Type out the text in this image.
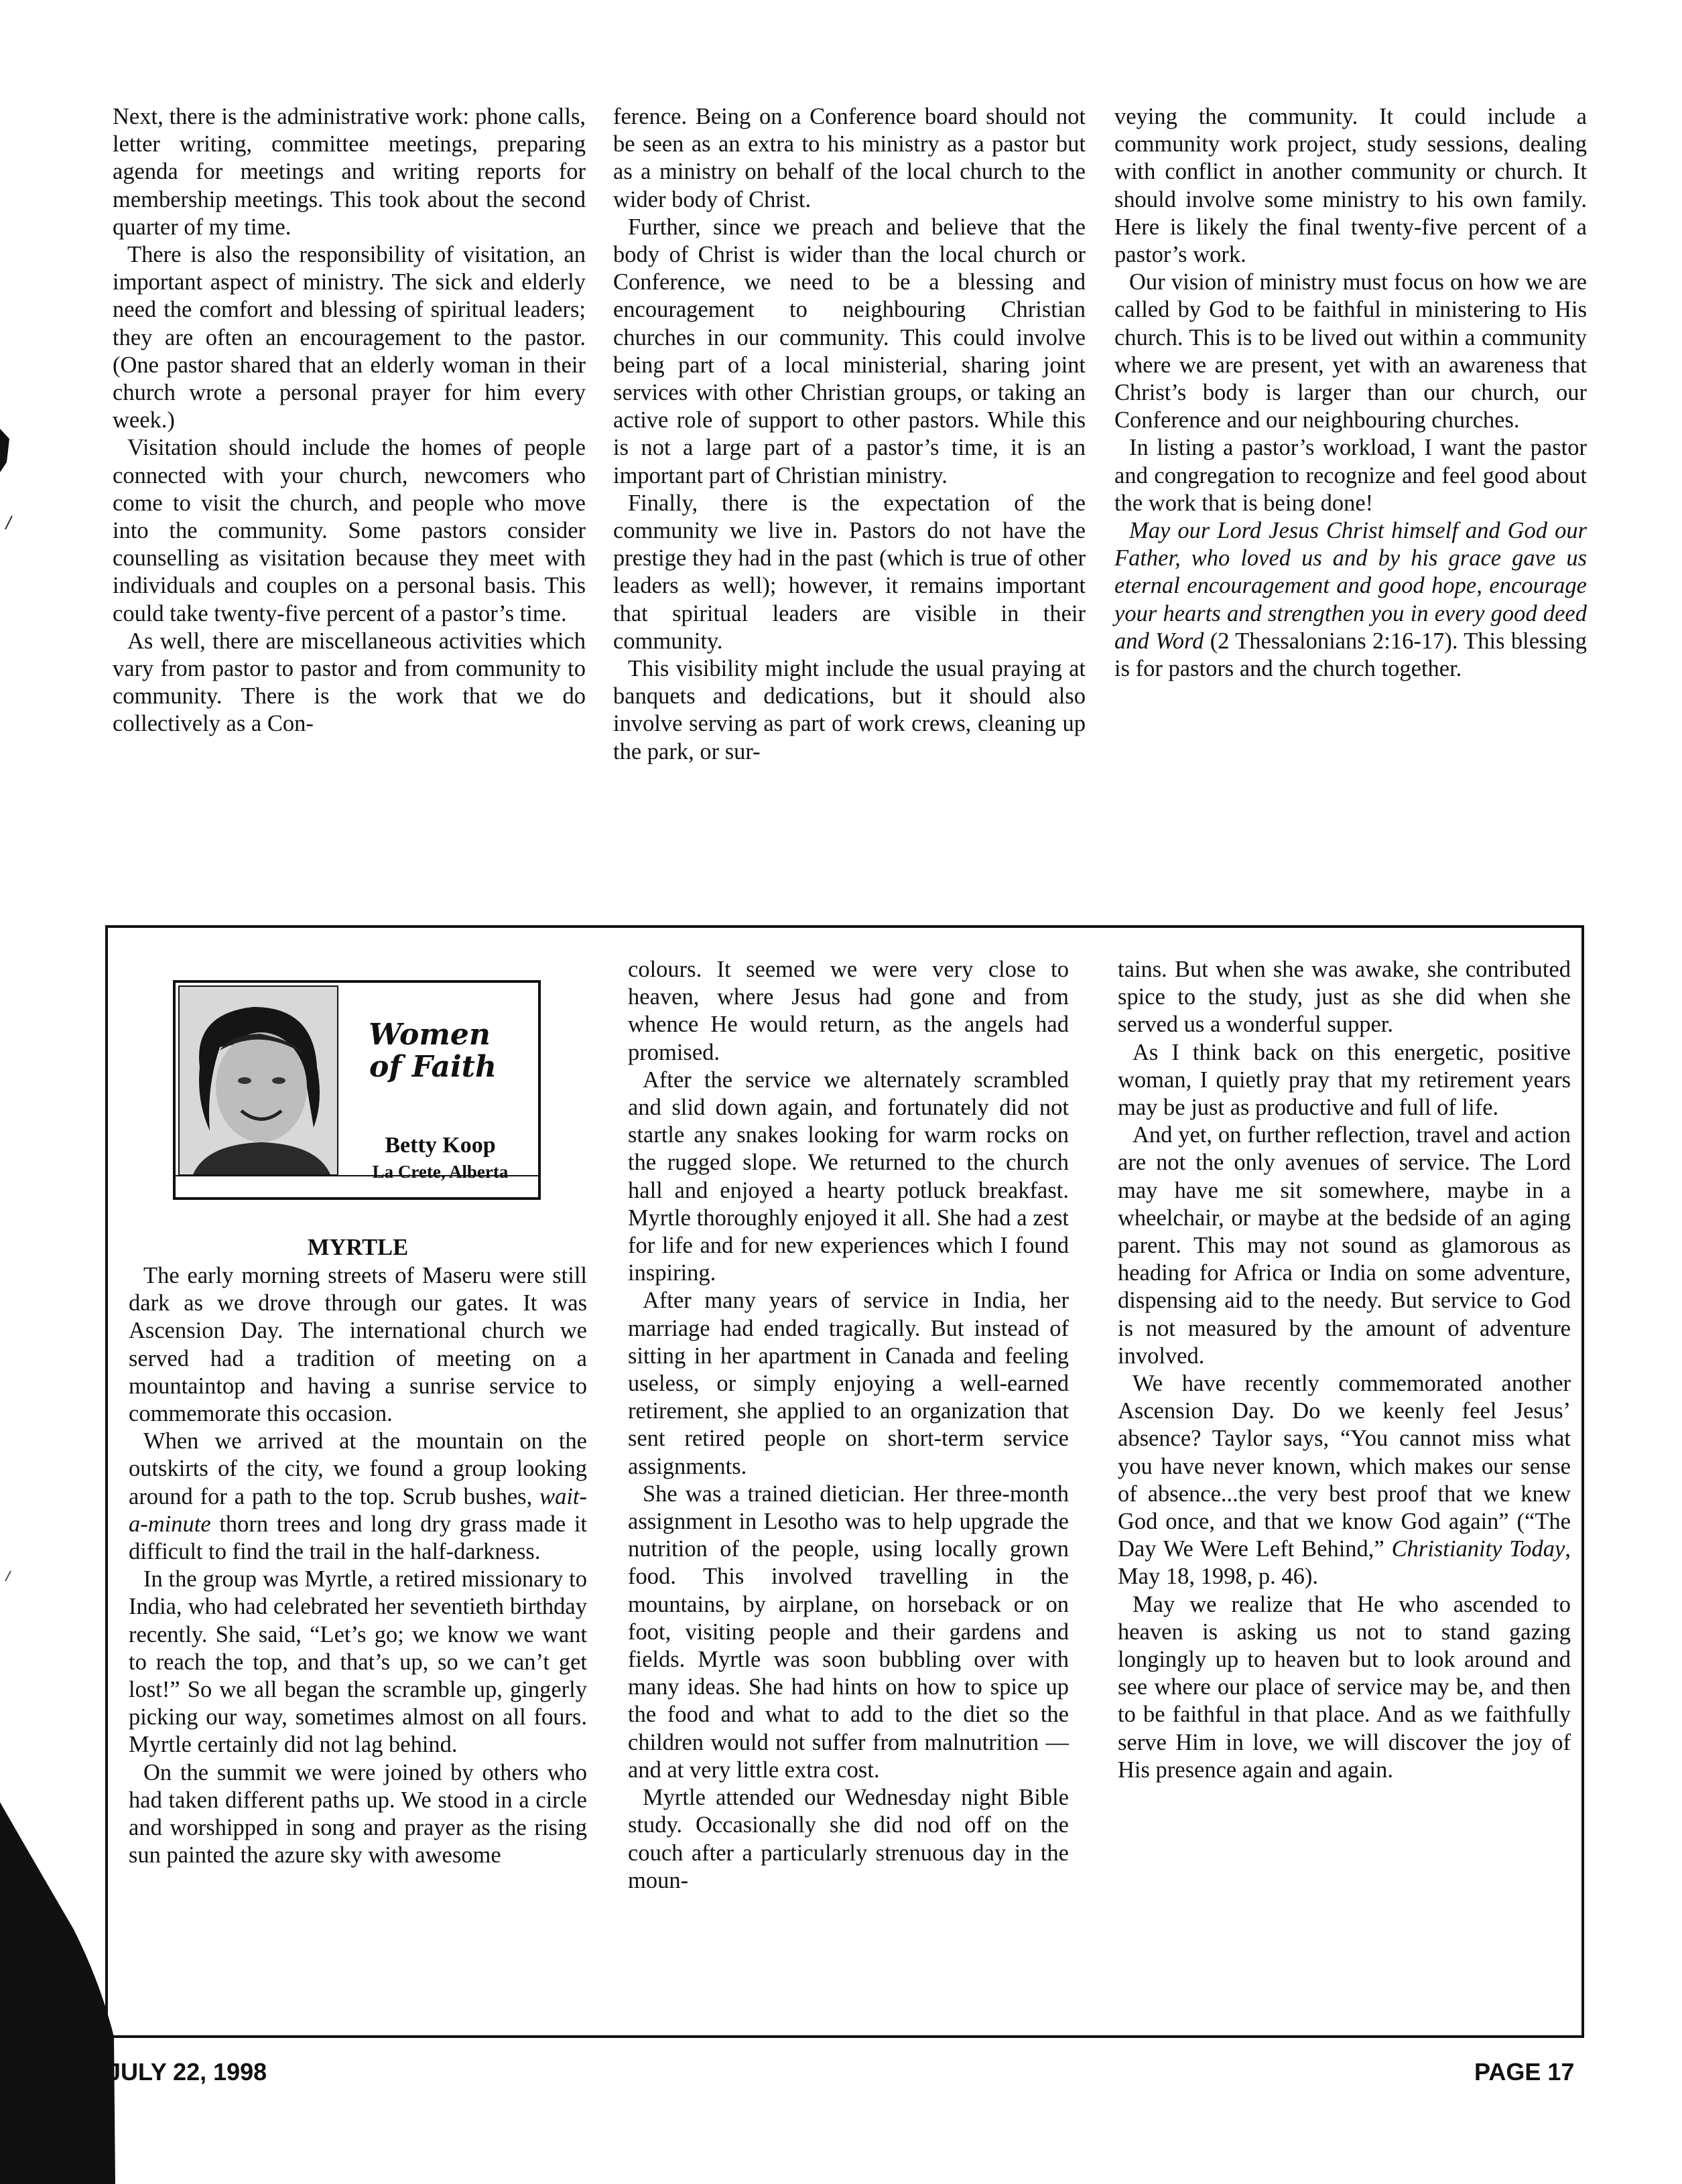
Next, there is the administrative work: phone calls, letter writing, committee meetings, preparing agenda for meetings and writing reports for membership meetings. This took about the second quarter of my time.

There is also the responsibility of visitation, an important aspect of ministry. The sick and elderly need the comfort and blessing of spiritual leaders; they are often an encouragement to the pastor. (One pastor shared that an elderly woman in their church wrote a personal prayer for him every week.)

Visitation should include the homes of people connected with your church, newcomers who come to visit the church, and people who move into the community. Some pastors consider counselling as visitation because they meet with individuals and couples on a personal basis. This could take twenty-five percent of a pastor’s time.

As well, there are miscellaneous activities which vary from pastor to pastor and from community to community. There is the work that we do collectively as a Con-

ference. Being on a Conference board should not be seen as an extra to his ministry as a pastor but as a ministry on behalf of the local church to the wider body of Christ.

Further, since we preach and believe that the body of Christ is wider than the local church or Conference, we need to be a blessing and encouragement to neighbouring Christian churches in our community. This could involve being part of a local ministerial, sharing joint services with other Christian groups, or taking an active role of support to other pastors. While this is not a large part of a pastor’s time, it is an important part of Christian ministry.

Finally, there is the expectation of the community we live in. Pastors do not have the prestige they had in the past (which is true of other leaders as well); however, it remains important that spiritual leaders are visible in their community.

This visibility might include the usual praying at banquets and dedications, but it should also involve serving as part of work crews, cleaning up the park, or sur-

veying the community. It could include a community work project, study sessions, dealing with conflict in another community or church. It should involve some ministry to his own family. Here is likely the final twenty-five percent of a pastor’s work.

Our vision of ministry must focus on how we are called by God to be faithful in ministering to His church. This is to be lived out within a community where we are present, yet with an awareness that Christ’s body is larger than our church, our Conference and our neighbouring churches.

In listing a pastor’s workload, I want the pastor and congregation to recognize and feel good about the work that is being done!

May our Lord Jesus Christ himself and God our Father, who loved us and by his grace gave us eternal encouragement and good hope, encourage your hearts and strengthen you in every good deed and Word (2 Thessalonians 2:16-17). This blessing is for pastors and the church together.

Women
of Faith
Betty Koop
La Crete, Alberta
MYRTLE

The early morning streets of Maseru were still dark as we drove through our gates. It was Ascension Day. The international church we served had a tradition of meeting on a mountaintop and having a sunrise service to commemorate this occasion.

When we arrived at the mountain on the outskirts of the city, we found a group looking around for a path to the top. Scrub bushes, wait-a-minute thorn trees and long dry grass made it difficult to find the trail in the half-darkness.

In the group was Myrtle, a retired missionary to India, who had celebrated her seventieth birthday recently. She said, “Let’s go; we know we want to reach the top, and that’s up, so we can’t get lost!” So we all began the scramble up, gingerly picking our way, sometimes almost on all fours. Myrtle certainly did not lag behind.

On the summit we were joined by others who had taken different paths up. We stood in a circle and worshipped in song and prayer as the rising sun painted the azure sky with awesome

colours. It seemed we were very close to heaven, where Jesus had gone and from whence He would return, as the angels had promised.

After the service we alternately scrambled and slid down again, and fortunately did not startle any snakes looking for warm rocks on the rugged slope. We returned to the church hall and enjoyed a hearty potluck breakfast. Myrtle thoroughly enjoyed it all. She had a zest for life and for new experiences which I found inspiring.

After many years of service in India, her marriage had ended tragically. But instead of sitting in her apartment in Canada and feeling useless, or simply enjoying a well-earned retirement, she applied to an organization that sent retired people on short-term service assignments.

She was a trained dietician. Her three-month assignment in Lesotho was to help upgrade the nutrition of the people, using locally grown food. This involved travelling in the mountains, by airplane, on horseback or on foot, visiting people and their gardens and fields. Myrtle was soon bubbling over with many ideas. She had hints on how to spice up the food and what to add to the diet so the children would not suffer from malnutrition — and at very little extra cost.

Myrtle attended our Wednesday night Bible study. Occasionally she did nod off on the couch after a particularly strenuous day in the moun-

tains. But when she was awake, she contributed spice to the study, just as she did when she served us a wonderful supper.

As I think back on this energetic, positive woman, I quietly pray that my retirement years may be just as productive and full of life.

And yet, on further reflection, travel and action are not the only avenues of service. The Lord may have me sit somewhere, maybe in a wheelchair, or maybe at the bedside of an aging parent. This may not sound as glamorous as heading for Africa or India on some adventure, dispensing aid to the needy. But service to God is not measured by the amount of adventure involved.

We have recently commemorated another Ascension Day. Do we keenly feel Jesus’ absence? Taylor says, “You cannot miss what you have never known, which makes our sense of absence...the very best proof that we knew God once, and that we know God again” (“The Day We Were Left Behind,” Christianity Today, May 18, 1998, p. 46).

May we realize that He who ascended to heaven is asking us not to stand gazing longingly up to heaven but to look around and see where our place of service may be, and then to be faithful in that place. And as we faithfully serve Him in love, we will discover the joy of His presence again and again.

JULY 22, 1998	PAGE 17
